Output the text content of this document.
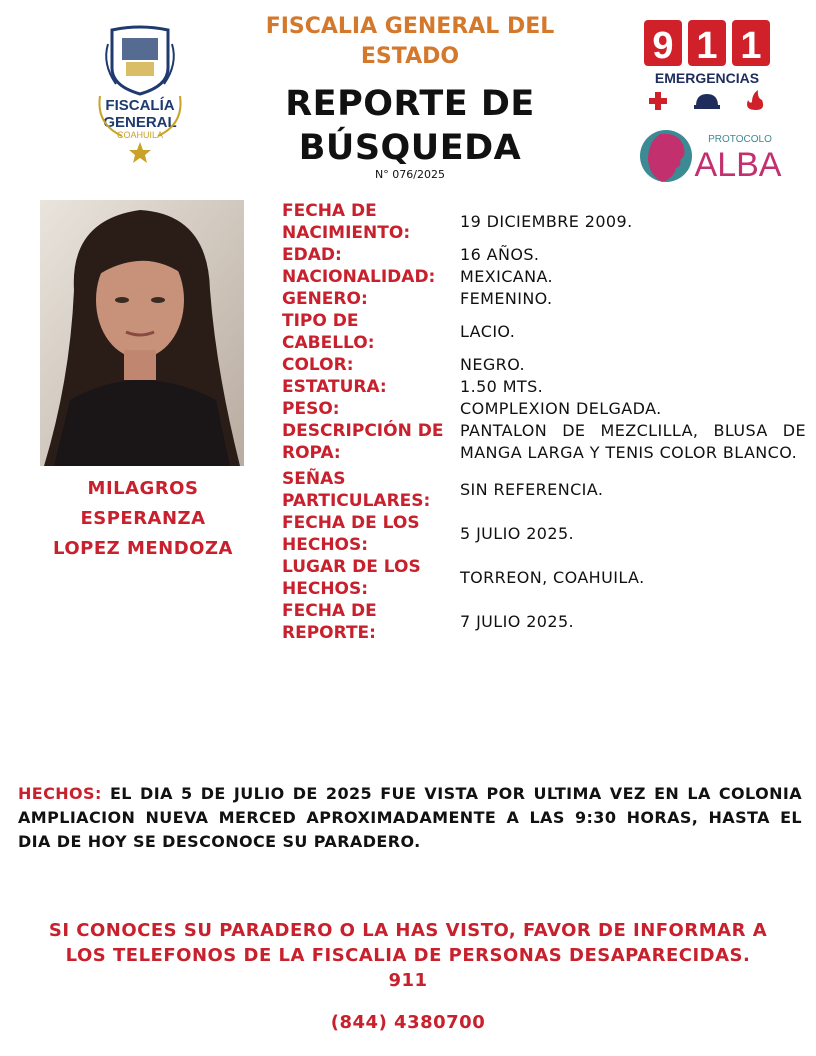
FISCALIA GENERAL DEL
ESTADO
REPORTE DE
BÚSQUEDA
N° 076/2025
FISCALÍA
GENERAL
COAHUILA
9 1 1
EMERGENCIAS
PROTOCOLO
ALBA
MILAGROS
ESPERANZA
LOPEZ MENDOZA
FECHA DE NACIMIENTO:
19 DICIEMBRE 2009.
EDAD:	16 AÑOS.
NACIONALIDAD:	MEXICANA.
GENERO:	FEMENINO.
TIPO DE CABELLO:
LACIO.
COLOR:	NEGRO.
ESTATURA:	1.50 MTS.
PESO:	COMPLEXION DELGADA.
DESCRIPCIÓN DE ROPA:
PANTALON DE MEZCLILLA, BLUSA DE MANGA LARGA Y TENIS COLOR BLANCO.
SEÑAS PARTICULARES:
SIN REFERENCIA.
FECHA DE LOS HECHOS:
5 JULIO 2025.
LUGAR DE LOS HECHOS:
TORREON, COAHUILA.
FECHA DE REPORTE:
7 JULIO 2025.
HECHOS: EL DIA 5 DE JULIO DE 2025 FUE VISTA POR ULTIMA VEZ EN LA COLONIA AMPLIACION NUEVA MERCED APROXIMADAMENTE A LAS 9:30 HORAS, HASTA EL DIA DE HOY SE DESCONOCE SU PARADERO.
SI CONOCES SU PARADERO O LA HAS VISTO, FAVOR DE INFORMAR A
LOS TELEFONOS DE LA FISCALIA DE PERSONAS DESAPARECIDAS.
911
(844) 4380700
